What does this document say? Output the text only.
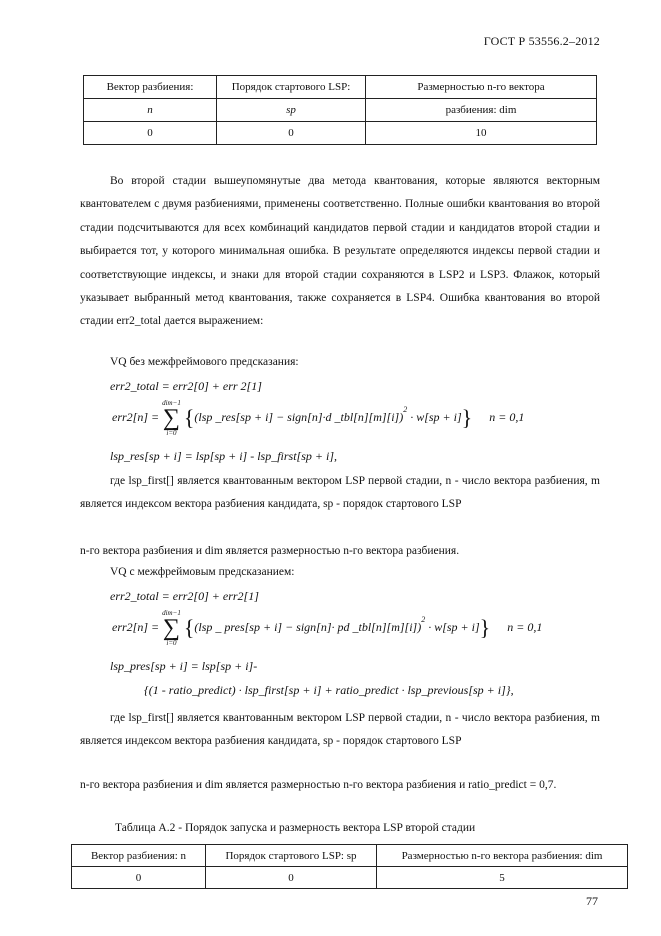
ГОСТ Р 53556.2–2012
Вектор разбиения:	Порядок стартового LSP:	Размерностью n-го вектора

n	sp	разбиения: dim

0	0	10
Во второй стадии вышеупомянутые два метода квантования, которые являются векторным квантователем с двумя разбиениями, применены соответственно. Полные ошибки квантования во второй стадии подсчитываются для всех комбинаций кандидатов первой стадии и кандидатов второй стадии и выбирается тот, у которого минимальная ошибка. В результате определяются индексы первой стадии и соответствующие индексы, и знаки для второй стадии сохраняются в LSP2 и LSP3. Флажок, который указывает выбранный метод квантования, также сохраняется в LSP4. Ошибка квантования во второй стадии err2_total дается выражением:
VQ без межфреймового предсказания:
err2_total = err2[0] + err 2[1]
err2[n] =
dim−1
∑
i=0
{(lsp _res[sp + i] − sign[n]·d _tbl[n][m][i])$^2$ · w[sp + i]} n = 0,1
lsp_res[sp + i] = lsp[sp + i] - lsp_first[sp + i],
где lsp_first[] является квантованным вектором LSP первой стадии, n - число вектора разбиения, m является индексом вектора разбиения кандидата, sp - порядок стартового LSP
n-го вектора разбиения и dim является размерностью n-го вектора разбиения.
VQ с межфреймовым предсказанием:
err2_total = err2[0] + err2[1]
err2[n] =
dim−1
∑
i=0
{(lsp _ pres[sp + i] − sign[n]· pd _tbl[n][m][i])$^2$ · w[sp + i]} n = 0,1
lsp_pres[sp + i] = lsp[sp + i]-
{(1 - ratio_predict) · lsp_first[sp + i] + ratio_predict · lsp_previous[sp + i]},
где lsp_first[] является квантованным вектором LSP первой стадии, n - число вектора разбиения, m является индексом вектора разбиения кандидата, sp - порядок стартового LSP
n-го вектора разбиения и dim является размерностью n-го вектора разбиения и ratio_predict = 0,7.
Таблица А.2 - Порядок запуска и размерность вектора LSP второй стадии
Вектор разбиения: n	Порядок стартового LSP: sp	Размерностью n-го вектора разбиения: dim
0	0	5
77
